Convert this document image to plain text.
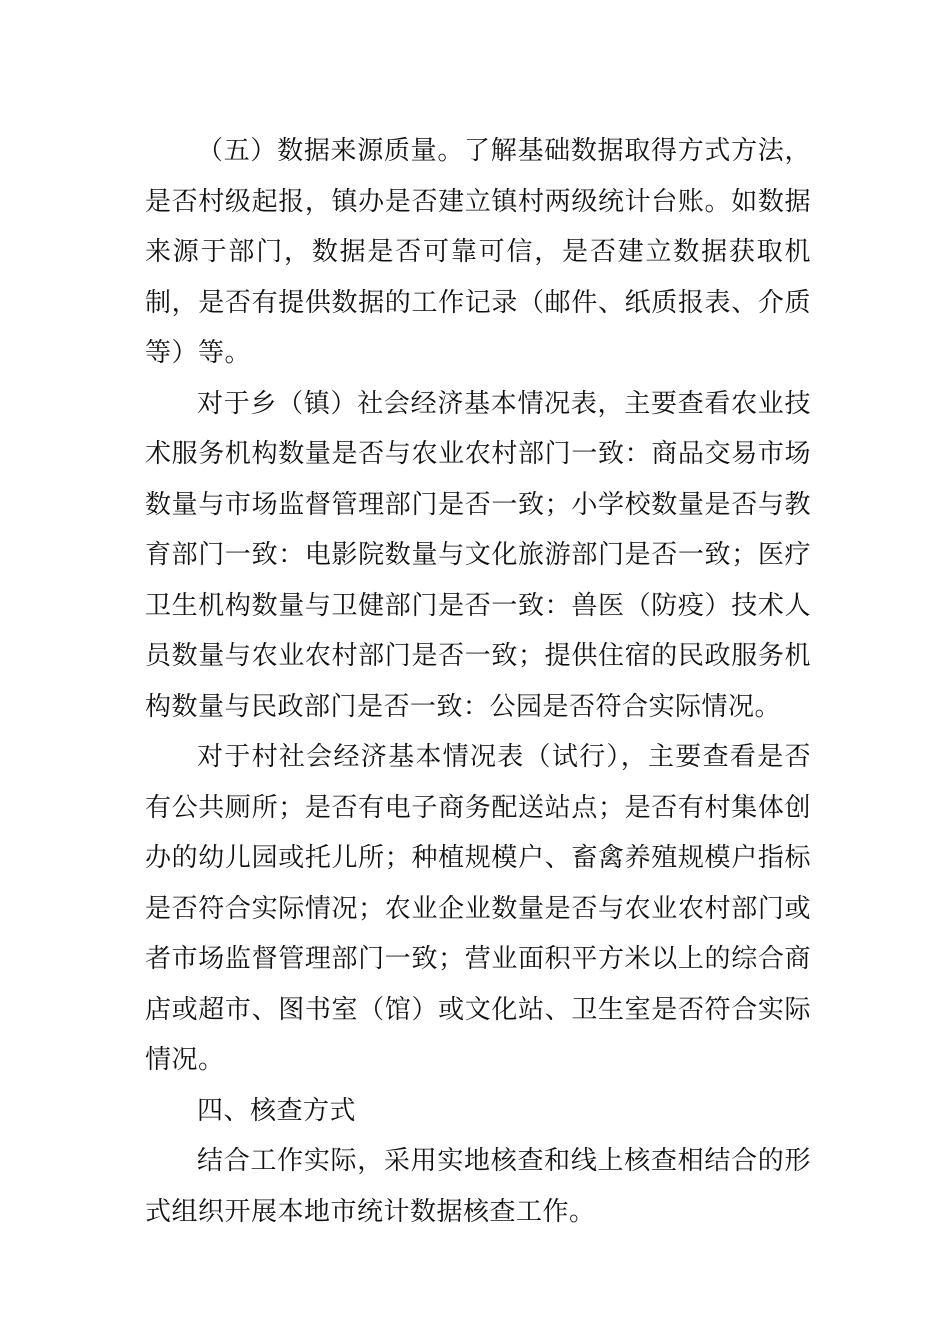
（五）数据来源质量。了解基础数据取得方式方法，是否村级起报，镇办是否建立镇村两级统计台账。如数据来源于部门，数据是否可靠可信，是否建立数据获取机制，是否有提供数据的工作记录（邮件、纸质报表、介质等）等。

对于乡（镇）社会经济基本情况表，主要查看农业技术服务机构数量是否与农业农村部门一致：商品交易市场数量与市场监督管理部门是否一致；小学校数量是否与教育部门一致：电影院数量与文化旅游部门是否一致；医疗卫生机构数量与卫健部门是否一致：兽医（防疫）技术人员数量与农业农村部门是否一致；提供住宿的民政服务机构数量与民政部门是否一致：公园是否符合实际情况。

对于村社会经济基本情况表（试行），主要查看是否有公共厕所；是否有电子商务配送站点；是否有村集体创办的幼儿园或托儿所；种植规模户、畜禽养殖规模户指标是否符合实际情况；农业企业数量是否与农业农村部门或者市场监督管理部门一致；营业面积平方米以上的综合商店或超市、图书室（馆）或文化站、卫生室是否符合实际情况。

四、核查方式

结合工作实际，采用实地核查和线上核查相结合的形式组织开展本地市统计数据核查工作。
